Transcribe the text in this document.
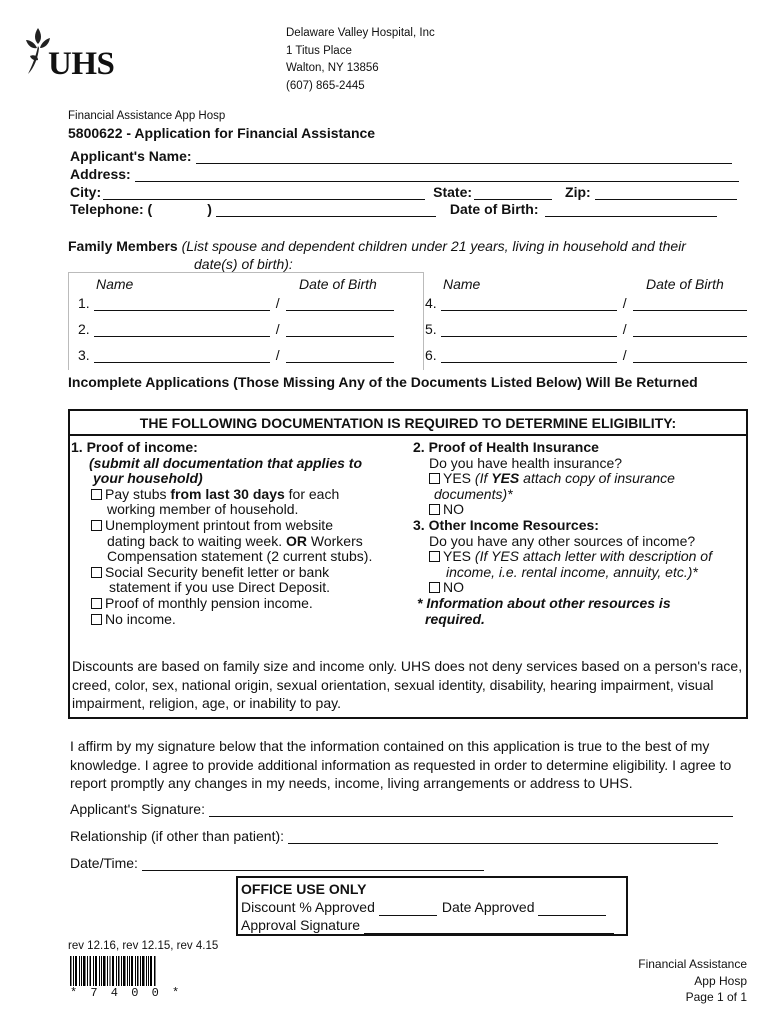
UHS
Delaware Valley Hospital, Inc
1 Titus Place
Walton, NY 13856
(607) 865-2445
Financial Assistance App Hosp
5800622 - Application for Financial Assistance
Applicant's Name:
Address:
City:	State:	Zip:
Telephone: (	)	Date of Birth:
Family Members (List spouse and dependent children under 21 years, living in household and their
date(s) of birth):
Name	Date of Birth	Name	Date of Birth
1.	/
2.	/
3.	/
4.	/
5.	/
6.	/
Incomplete Applications (Those Missing Any of the Documents Listed Below) Will Be Returned
THE FOLLOWING DOCUMENTATION IS REQUIRED TO DETERMINE ELIGIBILITY:
1. Proof of income:
(submit all documentation that applies to
your household)
Pay stubs from last 30 days for each
working member of household.
Unemployment printout from website
dating back to waiting week. OR Workers
Compensation statement (2 current stubs).
Social Security benefit letter or bank
statement if you use Direct Deposit.
Proof of monthly pension income.
No income.
2. Proof of Health Insurance
Do you have health insurance?
YES (If YES attach copy of insurance
documents)*
NO
3. Other Income Resources:
Do you have any other sources of income?
YES (If YES attach letter with description of
income, i.e. rental income, annuity, etc.)*
NO
* Information about other resources is
required.
Discounts are based on family size and income only. UHS does not deny services based on a person's race, creed, color, sex, national origin, sexual orientation, sexual identity, disability, hearing impairment, visual impairment, religion, age, or inability to pay.
I affirm by my signature below that the information contained on this application is true to the best of my knowledge. I agree to provide additional information as requested in order to determine eligibility. I agree to report promptly any changes in my needs, income, living arrangements or address to UHS.
Applicant's Signature:
Relationship (if other than patient):
Date/Time:
OFFICE USE ONLY
Discount % Approved	Date Approved
Approval Signature
rev 12.16, rev 12.15, rev 4.15
* 7 4 0 0 *
Financial Assistance
App Hosp
Page 1 of 1
